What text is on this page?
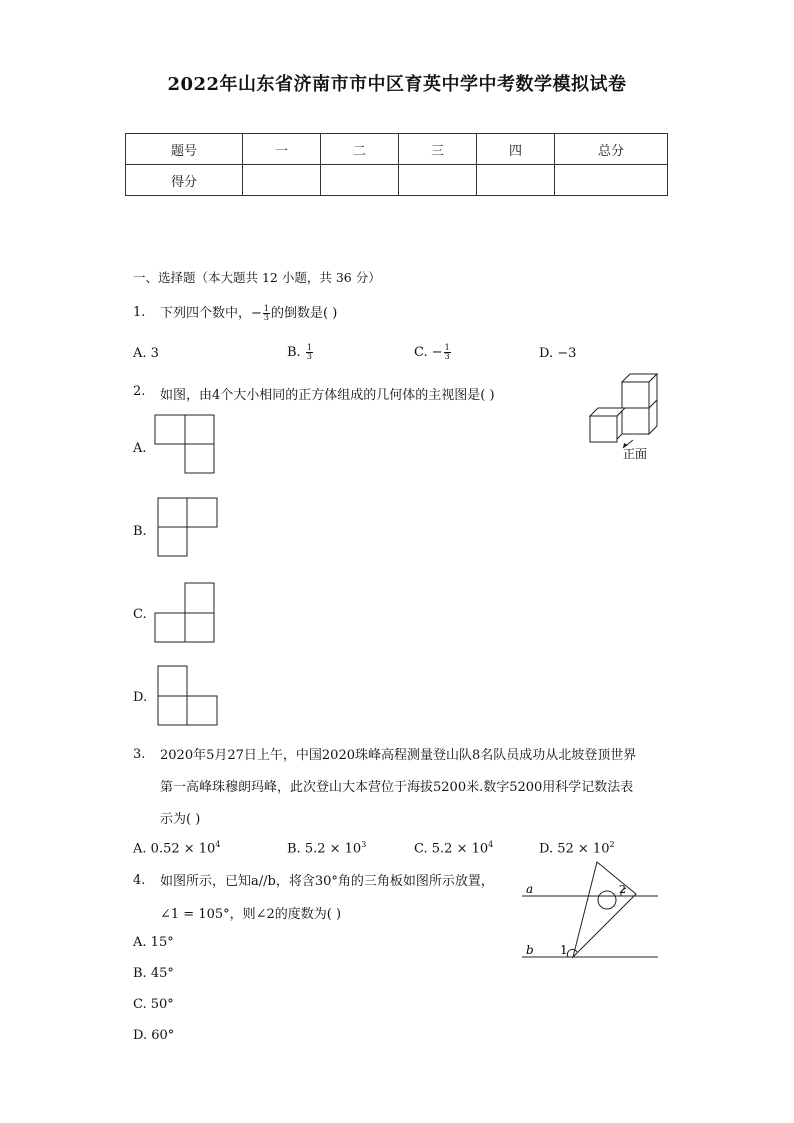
2022年山东省济南市市中区育英中学中考数学模拟试卷
题号	一	二	三	四	总分
得分					
一、选择题（本大题共 12 小题，共 36 分）
1. 下列四个数中，− $\frac{1}{3}$ 的倒数是( )
A. 3	B. $\frac{1}{3}$	C. − $\frac{1}{3}$	D. −3
2. 如图，由4个大小相同的正方体组成的几何体的主视图是( )
正面
A.
B.
C.
D.
3. 2020年5月27日上午，中国2020珠峰高程测量登山队8名队员成功从北坡登顶世界
第一高峰珠穆朗玛峰，此次登山大本营位于海拔5200米.数字5200用科学记数法表
示为( )
A. $0.52 \times 10^4$	B. $5.2 \times 10^3$	C. $5.2 \times 10^4$	D. $52 \times 10^2$
4. 如图所示，已知a//b，将含30°角的三角板如图所示放置，
∠1 = 105°，则∠2的度数为( )
a
b 1
2
A. 15°
B. 45°
C. 50°
D. 60°
